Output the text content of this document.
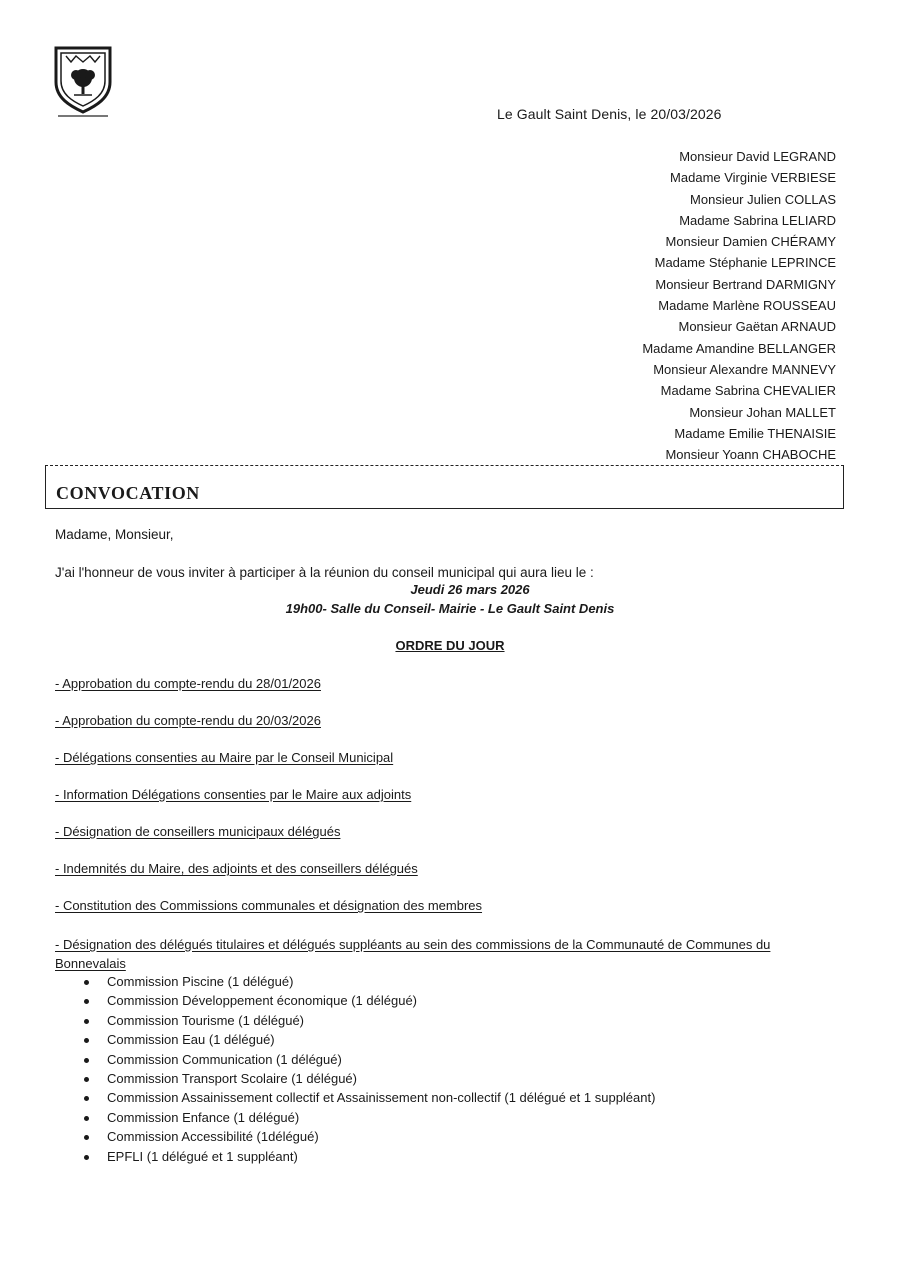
Le Gault Saint Denis, le 20/03/2026
Monsieur David LEGRAND
Madame Virginie VERBIESE
Monsieur Julien COLLAS
Madame Sabrina LELIARD
Monsieur Damien CHÉRAMY
Madame Stéphanie LEPRINCE
Monsieur Bertrand DARMIGNY
Madame Marlène ROUSSEAU
Monsieur Gaëtan ARNAUD
Madame Amandine BELLANGER
Monsieur Alexandre MANNEVY
Madame Sabrina CHEVALIER
Monsieur Johan MALLET
Madame Emilie THENAISIE
Monsieur Yoann CHABOCHE
CONVOCATION
Madame, Monsieur,
J'ai l'honneur de vous inviter à participer à la réunion du conseil municipal qui aura lieu le :
Jeudi 26 mars 2026
19h00- Salle du Conseil- Mairie - Le Gault Saint Denis
ORDRE DU JOUR
- Approbation du compte-rendu du 28/01/2026
- Approbation du compte-rendu du 20/03/2026
- Délégations consenties au Maire par le Conseil Municipal
- Information Délégations consenties par le Maire aux adjoints
- Désignation de conseillers municipaux délégués
- Indemnités du Maire, des adjoints et des conseillers délégués
- Constitution des Commissions communales et désignation des membres
- Désignation des délégués titulaires et délégués suppléants au sein des commissions de la Communauté de Communes du Bonnevalais
Commission Piscine (1 délégué)
Commission Développement économique (1 délégué)
Commission Tourisme (1 délégué)
Commission Eau (1 délégué)
Commission Communication (1 délégué)
Commission Transport Scolaire (1 délégué)
Commission Assainissement collectif et Assainissement non-collectif (1 délégué et 1 suppléant)
Commission Enfance (1 délégué)
Commission Accessibilité (1délégué)
EPFLI (1 délégué et 1 suppléant)
